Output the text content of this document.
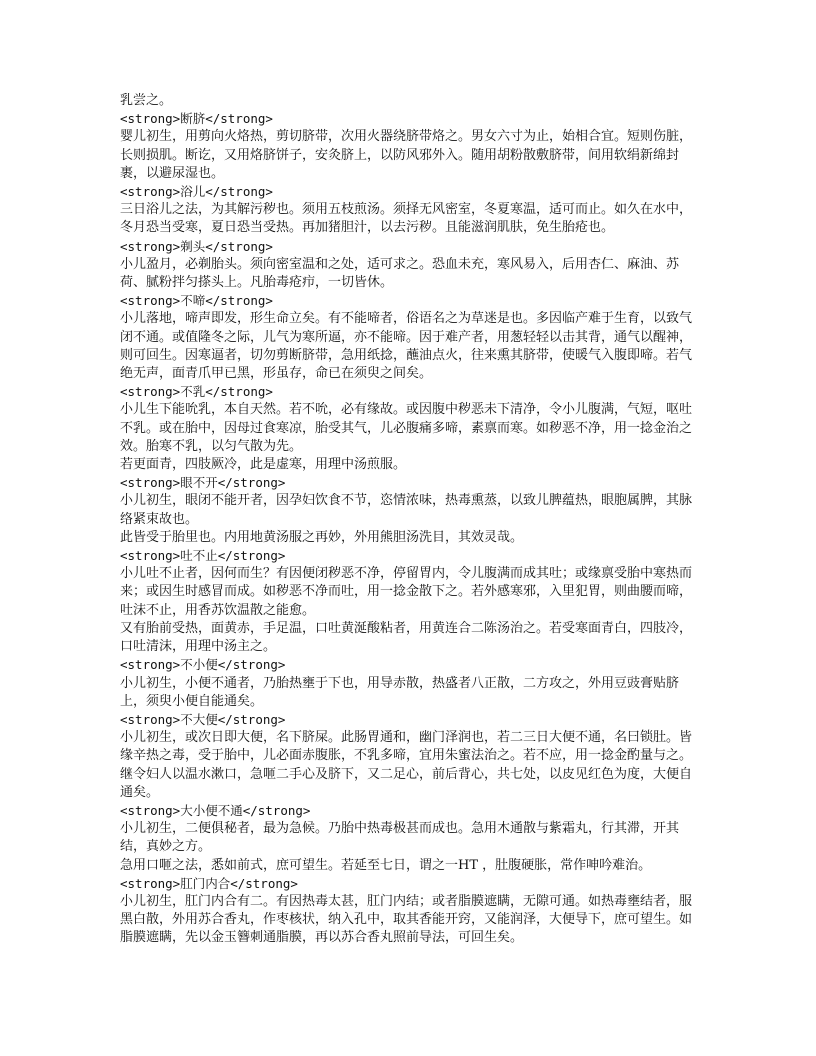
乳尝之。

<strong>断脐</strong>

婴儿初生，用剪向火烙热，剪切脐带，次用火器绕脐带烙之。男女六寸为止，始相合宜。短则伤脏，长则损肌。断讫，又用烙脐饼子，安灸脐上，以防风邪外入。随用胡粉散敷脐带，间用软绢新绵封裹，以避尿湿也。

<strong>浴儿</strong>

三日浴儿之法，为其解污秽也。须用五枝煎汤。须择无风密室，冬夏寒温，适可而止。如久在水中，冬月恐当受寒，夏日恐当受热。再加猪胆汁，以去污秽。且能滋润肌肤，免生胎疮也。

<strong>剃头</strong>

小儿盈月，必剃胎头。须向密室温和之处，适可求之。恐血未充，寒风易入，后用杏仁、麻油、苏荷、腻粉拌匀搽头上。凡胎毒疮疖，一切皆休。

<strong>不啼</strong>

小儿落地，啼声即发，形生命立矣。有不能啼者，俗语名之为草迷是也。多因临产难于生育，以致气闭不通。或值隆冬之际，儿气为寒所逼，亦不能啼。因于难产者，用葱轻轻以击其背，通气以醒神，则可回生。因寒逼者，切勿剪断脐带，急用纸捻，蘸油点火，往来熏其脐带，使暖气入腹即啼。若气绝无声，面青爪甲已黑，形虽存，命已在须臾之间矣。

<strong>不乳</strong>

小儿生下能吮乳，本自天然。若不吮，必有缘故。或因腹中秽恶未下清净，令小儿腹满，气短，呕吐不乳。或在胎中，因母过食寒凉，胎受其气，儿必腹痛多啼，素禀而寒。如秽恶不净，用一捻金治之效。胎寒不乳，以匀气散为先。

若更面青，四肢厥冷，此是虚寒，用理中汤煎服。

<strong>眼不开</strong>

小儿初生，眼闭不能开者，因孕妇饮食不节，恣情浓味，热毒熏蒸，以致儿脾蕴热，眼胞属脾，其脉络紧束故也。

此皆受于胎里也。内用地黄汤服之再妙，外用熊胆汤洗目，其效灵哉。

<strong>吐不止</strong>

小儿吐不止者，因何而生？有因便闭秽恶不净，停留胃内，令儿腹满而成其吐；或缘禀受胎中寒热而来；或因生时感冒而成。如秽恶不净而吐，用一捻金散下之。若外感寒邪，入里犯胃，则曲腰而啼，吐沫不止，用香苏饮温散之能愈。

又有胎前受热，面黄赤，手足温，口吐黄涎酸粘者，用黄连合二陈汤治之。若受寒面青白，四肢冷，口吐清沫，用理中汤主之。

<strong>不小便</strong>

小儿初生，小便不通者，乃胎热壅于下也，用导赤散，热盛者八正散，二方攻之，外用豆豉膏贴脐上，须臾小便自能通矣。

<strong>不大便</strong>

小儿初生，或次日即大便，名下脐屎。此肠胃通和，幽门泽润也，若二三日大便不通，名曰锁肚。皆缘辛热之毒，受于胎中，儿必面赤腹胀，不乳多啼，宜用朱蜜法治之。若不应，用一捻金酌量与之。继令妇人以温水漱口，急咂二手心及脐下，又二足心，前后背心，共七处，以皮见红色为度，大便自通矣。

<strong>大小便不通</strong>

小儿初生，二便俱秘者，最为急候。乃胎中热毒极甚而成也。急用木通散与紫霜丸，行其滞，开其结，真妙之方。

急用口咂之法，悉如前式，庶可望生。若延至七日，谓之一HT ，肚腹硬胀，常作呻吟难治。

<strong>肛门内合</strong>

小儿初生，肛门内合有二。有因热毒太甚，肛门内结；或者脂膜遮瞒，无隙可通。如热毒壅结者，服黑白散，外用苏合香丸，作枣核状，纳入孔中，取其香能开窍，又能润泽，大便导下，庶可望生。如脂膜遮瞒，先以金玉簪刺通脂膜，再以苏合香丸照前导法，可回生矣。
